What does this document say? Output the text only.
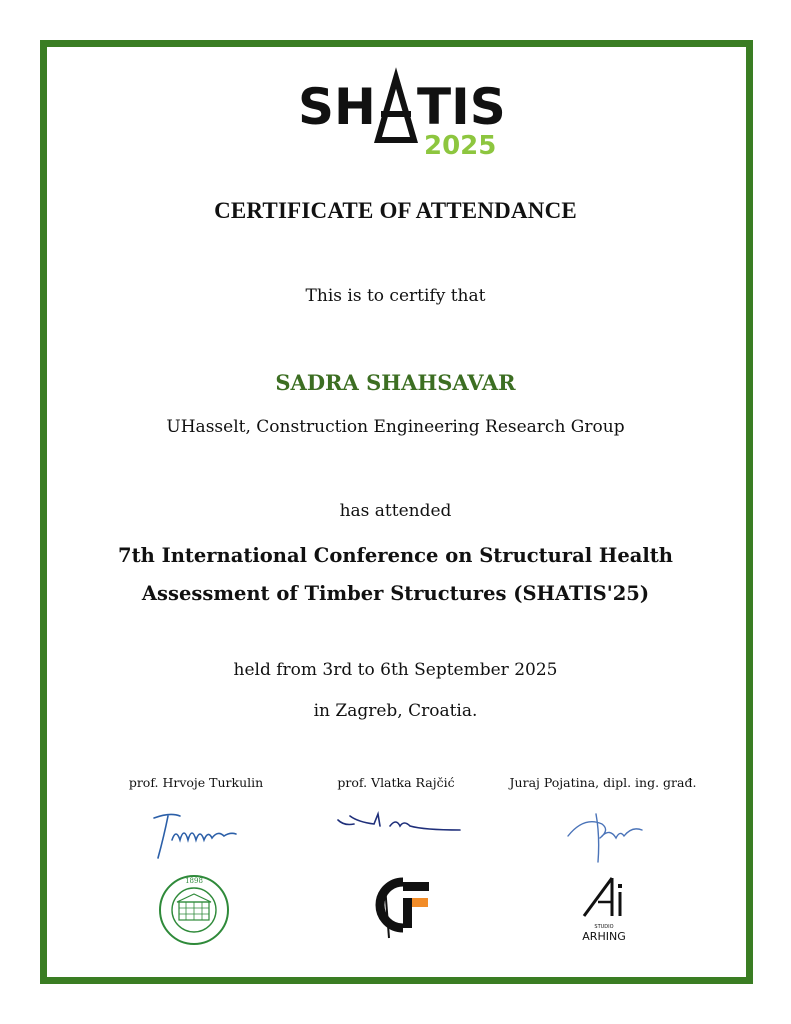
SH TIS
2025
CERTIFICATE OF ATTENDANCE
This is to certify that
SADRA SHAHSAVAR
UHasselt, Construction Engineering Research Group
has attended
7th International Conference on Structural Health
Assessment of Timber Structures (SHATIS'25)
held from 3rd to 6th September 2025
in Zagreb, Croatia.
prof. Hrvoje Turkulin	prof. Vlatka Rajčić	Juraj Pojatina, dipl. ing. građ.
1898
STUDIO
ARHING
